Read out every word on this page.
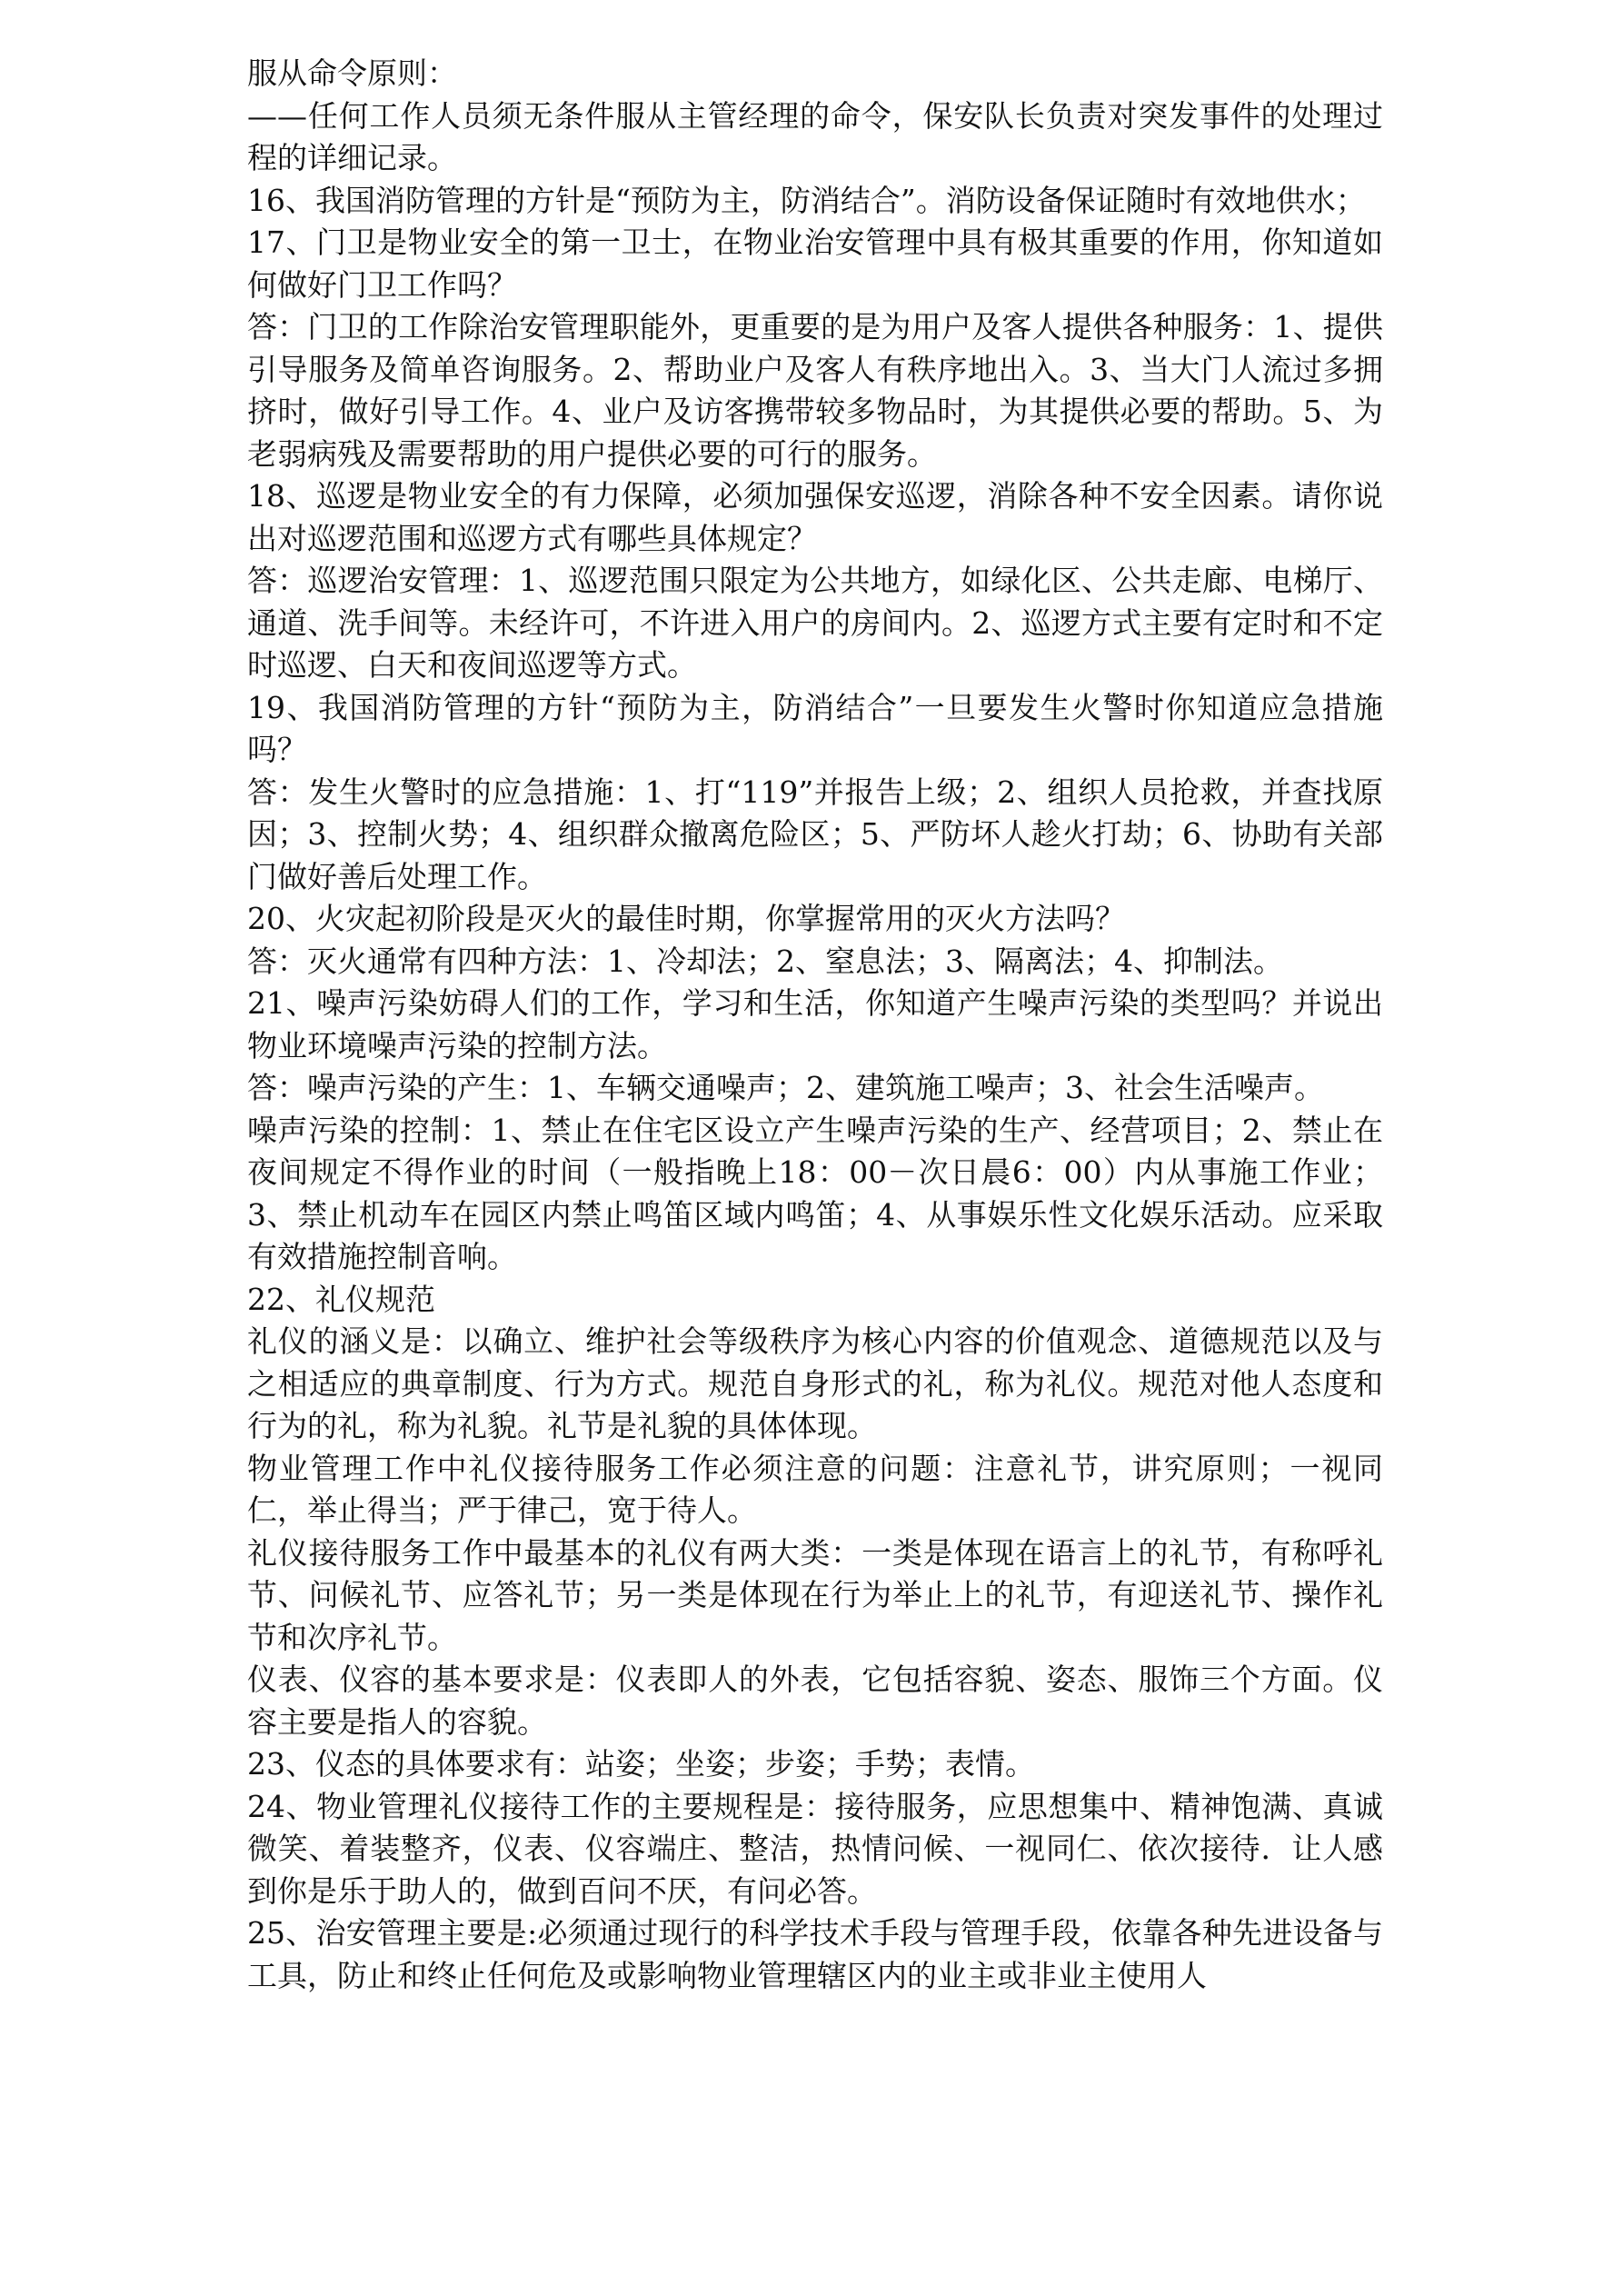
服从命令原则：

——任何工作人员须无条件服从主管经理的命令，保安队长负责对突发事件的处理过程的详细记录。

16、我国消防管理的方针是“预防为主，防消结合”。消防设备保证随时有效地供水；

17、门卫是物业安全的第一卫士，在物业治安管理中具有极其重要的作用，你知道如何做好门卫工作吗？

答：门卫的工作除治安管理职能外，更重要的是为用户及客人提供各种服务：1、提供引导服务及简单咨询服务。2、帮助业户及客人有秩序地出入。3、当大门人流过多拥挤时，做好引导工作。4、业户及访客携带较多物品时，为其提供必要的帮助。5、为老弱病残及需要帮助的用户提供必要的可行的服务。

18、巡逻是物业安全的有力保障，必须加强保安巡逻，消除各种不安全因素。请你说出对巡逻范围和巡逻方式有哪些具体规定？

答：巡逻治安管理：1、巡逻范围只限定为公共地方，如绿化区、公共走廊、电梯厅、通道、洗手间等。未经许可，不许进入用户的房间内。2、巡逻方式主要有定时和不定时巡逻、白天和夜间巡逻等方式。

19、我国消防管理的方针“预防为主，防消结合”一旦要发生火警时你知道应急措施吗？

答：发生火警时的应急措施：1、打“119”并报告上级；2、组织人员抢救，并查找原因；3、控制火势；4、组织群众撤离危险区；5、严防坏人趁火打劫；6、协助有关部门做好善后处理工作。

20、火灾起初阶段是灭火的最佳时期，你掌握常用的灭火方法吗？

答：灭火通常有四种方法：1、冷却法；2、窒息法；3、隔离法；4、抑制法。

21、噪声污染妨碍人们的工作，学习和生活，你知道产生噪声污染的类型吗？并说出物业环境噪声污染的控制方法。

答：噪声污染的产生：1、车辆交通噪声；2、建筑施工噪声；3、社会生活噪声。

噪声污染的控制：1、禁止在住宅区设立产生噪声污染的生产、经营项目；2、禁止在夜间规定不得作业的时间（一般指晚上18：00－次日晨6：00）内从事施工作业；3、禁止机动车在园区内禁止鸣笛区域内鸣笛；4、从事娱乐性文化娱乐活动。应采取有效措施控制音响。

22、礼仪规范

礼仪的涵义是：以确立、维护社会等级秩序为核心内容的价值观念、道德规范以及与之相适应的典章制度、行为方式。规范自身形式的礼，称为礼仪。规范对他人态度和行为的礼，称为礼貌。礼节是礼貌的具体体现。

物业管理工作中礼仪接待服务工作必须注意的问题：注意礼节，讲究原则；一视同仁，举止得当；严于律己，宽于待人。

礼仪接待服务工作中最基本的礼仪有两大类：一类是体现在语言上的礼节，有称呼礼节、问候礼节、应答礼节；另一类是体现在行为举止上的礼节，有迎送礼节、操作礼节和次序礼节。

仪表、仪容的基本要求是：仪表即人的外表，它包括容貌、姿态、服饰三个方面。仪容主要是指人的容貌。

23、仪态的具体要求有：站姿；坐姿；步姿；手势；表情。

24、物业管理礼仪接待工作的主要规程是：接待服务，应思想集中、精神饱满、真诚微笑、着装整齐，仪表、仪容端庄、整洁，热情问候、一视同仁、依次接待．让人感到你是乐于助人的，做到百问不厌，有问必答。

25、治安管理主要是:必须通过现行的科学技术手段与管理手段，依靠各种先进设备与工具，防止和终止任何危及或影响物业管理辖区内的业主或非业主使用人
